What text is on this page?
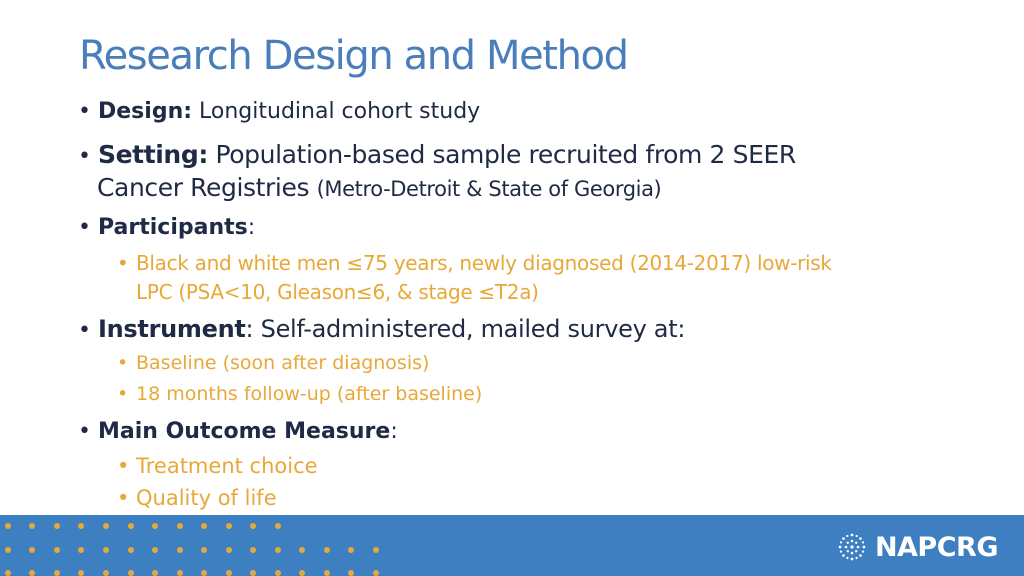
Research Design and Method
• Design: Longitudinal cohort study
• Setting: Population-based sample recruited from 2 SEER
Cancer Registries (Metro-Detroit & State of Georgia)
• Participants:
• Black and white men ≤75 years, newly diagnosed (2014-2017) low-risk
LPC (PSA<10, Gleason≤6, & stage ≤T2a)
• Instrument: Self-administered, mailed survey at:
• Baseline (soon after diagnosis)
• 18 months follow-up (after baseline)
• Main Outcome Measure:
• Treatment choice
• Quality of life
NAPCRG
